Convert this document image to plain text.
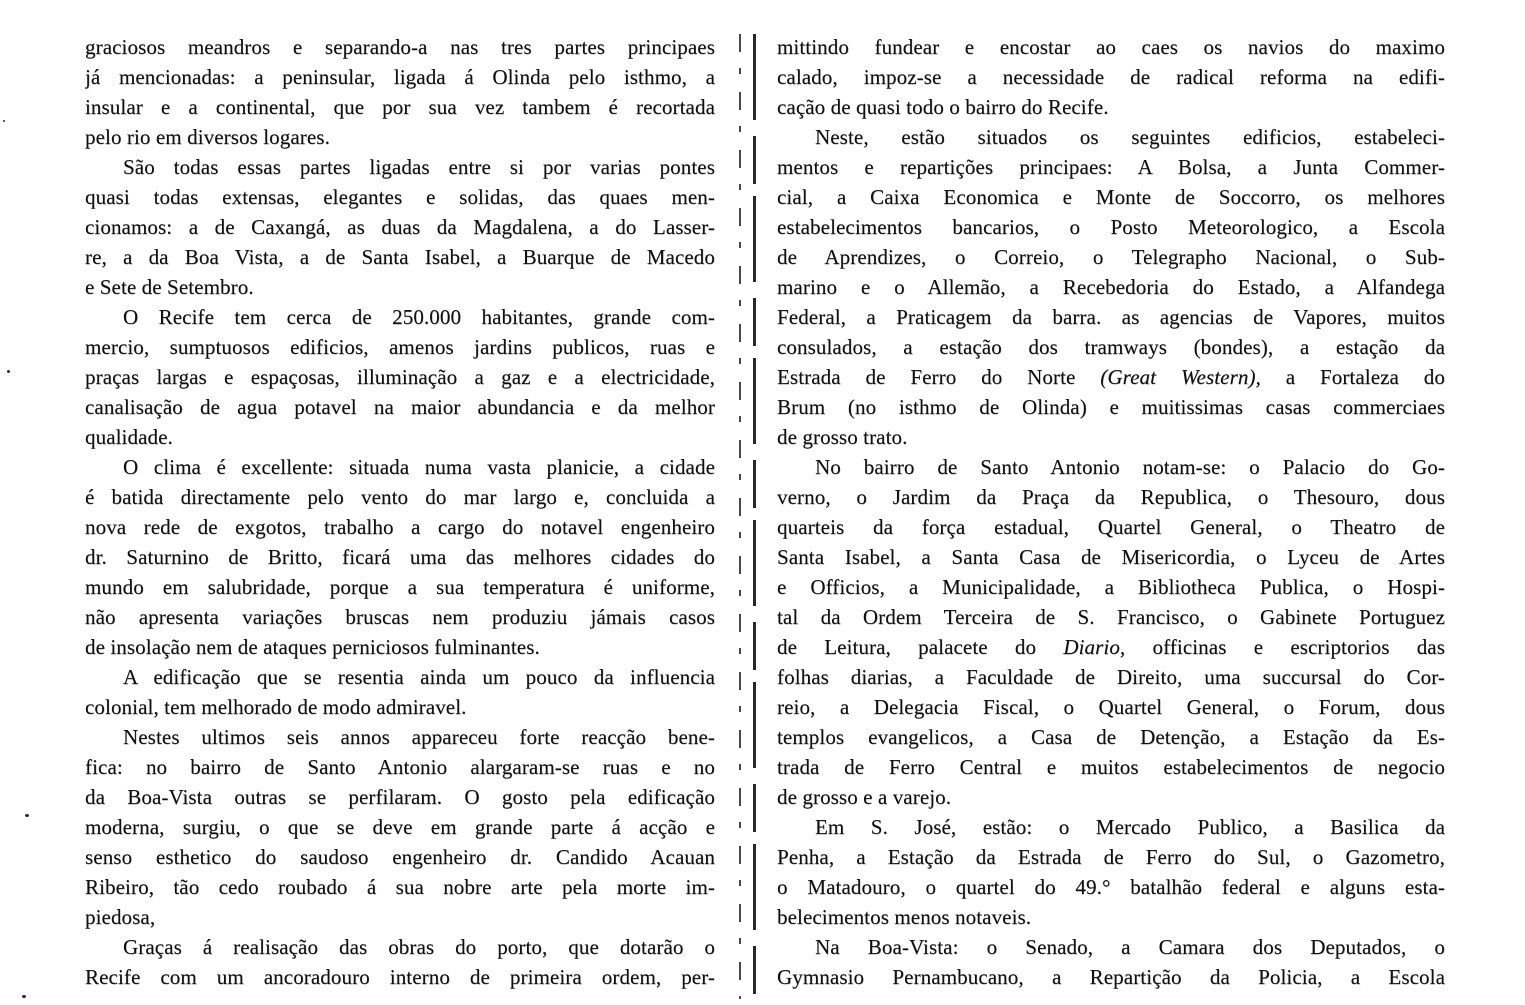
graciosos meandros e separando-a nas tres partes principaes
já mencionadas: a peninsular, ligada á Olinda pelo isthmo, a
insular e a continental, que por sua vez tambem é recortada
pelo rio em diversos logares.
São todas essas partes ligadas entre si por varias pontes
quasi todas extensas, elegantes e solidas, das quaes men-
cionamos: a de Caxangá, as duas da Magdalena, a do Lasser-
re, a da Boa Vista, a de Santa Isabel, a Buarque de Macedo
e Sete de Setembro.
O Recife tem cerca de 250.000 habitantes, grande com-
mercio, sumptuosos edificios, amenos jardins publicos, ruas e
praças largas e espaçosas, illuminação a gaz e a electricidade,
canalisação de agua potavel na maior abundancia e da melhor
qualidade.
O clima é excellente: situada numa vasta planicie, a cidade
é batida directamente pelo vento do mar largo e, concluida a
nova rede de exgotos, trabalho a cargo do notavel engenheiro
dr. Saturnino de Britto, ficará uma das melhores cidades do
mundo em salubridade, porque a sua temperatura é uniforme,
não apresenta variações bruscas nem produziu jámais casos
de insolação nem de ataques perniciosos fulminantes.
A edificação que se resentia ainda um pouco da influencia
colonial, tem melhorado de modo admiravel.
Nestes ultimos seis annos appareceu forte reacção bene-
fica: no bairro de Santo Antonio alargaram-se ruas e no
da Boa-Vista outras se perfilaram. O gosto pela edificação
moderna, surgiu, o que se deve em grande parte á acção e
senso esthetico do saudoso engenheiro dr. Candido Acauan
Ribeiro, tão cedo roubado á sua nobre arte pela morte im-
piedosa,
Graças á realisação das obras do porto, que dotarão o
Recife com um ancoradouro interno de primeira ordem, per-
mittindo fundear e encostar ao caes os navios do maximo
calado, impoz-se a necessidade de radical reforma na edifi-
cação de quasi todo o bairro do Recife.
Neste, estão situados os seguintes edificios, estabeleci-
mentos e repartições principaes: A Bolsa, a Junta Commer-
cial, a Caixa Economica e Monte de Soccorro, os melhores
estabelecimentos bancarios, o Posto Meteorologico, a Escola
de Aprendizes, o Correio, o Telegrapho Nacional, o Sub-
marino e o Allemão, a Recebedoria do Estado, a Alfandega
Federal, a Praticagem da barra. as agencias de Vapores, muitos
consulados, a estação dos tramways (bondes), a estação da
Estrada de Ferro do Norte (Great Western), a Fortaleza do
Brum (no isthmo de Olinda) e muitissimas casas commerciaes
de grosso trato.
No bairro de Santo Antonio notam-se: o Palacio do Go-
verno, o Jardim da Praça da Republica, o Thesouro, dous
quarteis da força estadual, Quartel General, o Theatro de
Santa Isabel, a Santa Casa de Misericordia, o Lyceu de Artes
e Officios, a Municipalidade, a Bibliotheca Publica, o Hospi-
tal da Ordem Terceira de S. Francisco, o Gabinete Portuguez
de Leitura, palacete do Diario, officinas e escriptorios das
folhas diarias, a Faculdade de Direito, uma succursal do Cor-
reio, a Delegacia Fiscal, o Quartel General, o Forum, dous
templos evangelicos, a Casa de Detenção, a Estação da Es-
trada de Ferro Central e muitos estabelecimentos de negocio
de grosso e a varejo.
Em S. José, estão: o Mercado Publico, a Basilica da
Penha, a Estação da Estrada de Ferro do Sul, o Gazometro,
o Matadouro, o quartel do 49.° batalhão federal e alguns esta-
belecimentos menos notaveis.
Na Boa-Vista: o Senado, a Camara dos Deputados, o
Gymnasio Pernambucano, a Repartição da Policia, a Escola
